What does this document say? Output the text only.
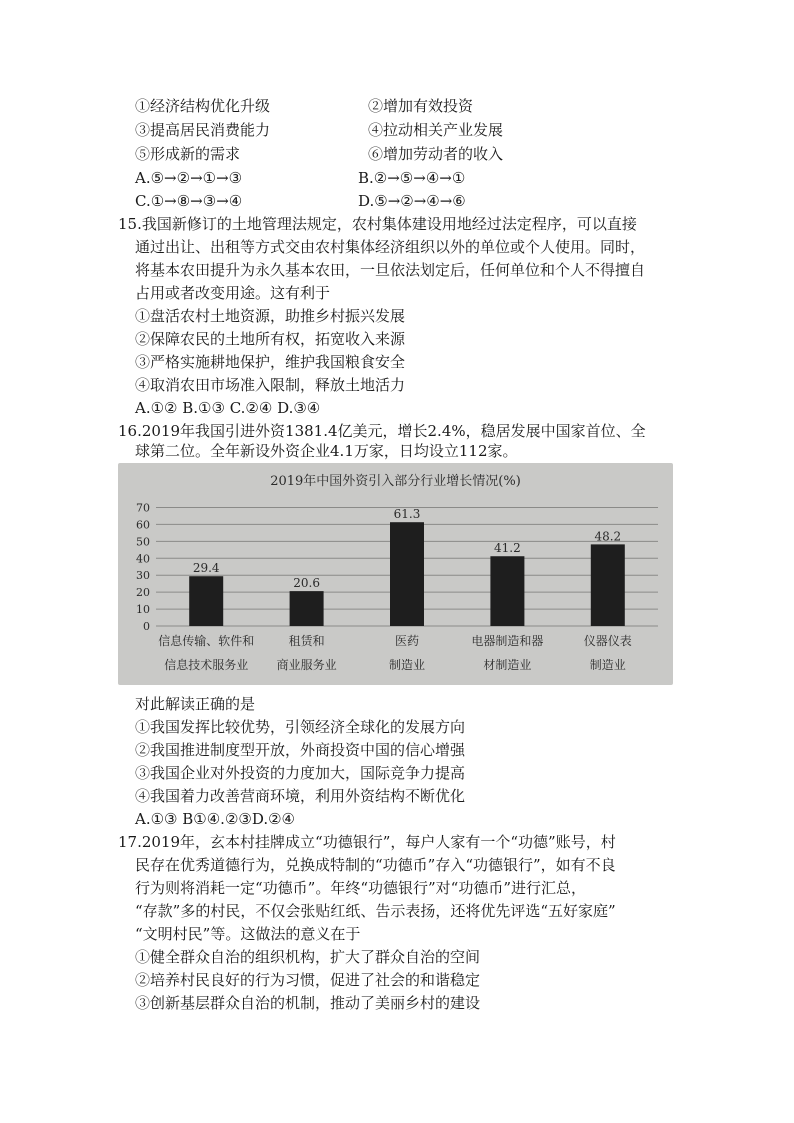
①经济结构优化升级	②增加有效投资
③提高居民消费能力	④拉动相关产业发展
⑤形成新的需求	⑥增加劳动者的收入
A.⑤→②→①→③	B.②→⑤→④→①
C.①→⑧→③→④	D.⑤→②→④→⑥
15.我国新修订的土地管理法规定，农村集体建设用地经过法定程序，可以直接
通过出让、出租等方式交由农村集体经济组织以外的单位或个人使用。同时，
将基本农田提升为永久基本农田，一旦依法划定后，任何单位和个人不得擅自
占用或者改变用途。这有利于
①盘活农村土地资源，助推乡村振兴发展
②保障农民的土地所有权，拓宽收入来源
③严格实施耕地保护，维护我国粮食安全
④取消农田市场准入限制，释放土地活力
A.①② B.①③ C.②④ D.③④
16.2019年我国引进外资1381.4亿美元，增长2.4%，稳居发展中国家首位、全
球第二位。全年新设外资企业4.1万家，日均设立112家。
2019年中国外资引入部分行业增长情况(%)
0
10
20
30
40
50
60
70
29.4
信息传输、软件和
信息技术服务业
20.6
租赁和
商业服务业
61.3
医药
制造业
41.2
电器制造和器
材制造业
48.2
仪器仪表
制造业
对此解读正确的是
①我国发挥比较优势，引领经济全球化的发展方向
②我国推进制度型开放，外商投资中国的信心增强
③我国企业对外投资的力度加大，国际竞争力提高
④我国着力改善营商环境，利用外资结构不断优化
A.①③ B①④.②③D.②④
17.2019年，玄本村挂牌成立“功德银行”，每户人家有一个“功德”账号，村
民存在优秀道德行为，兑换成特制的“功德币”存入“功德银行”，如有不良
行为则将消耗一定“功德币”。年终“功德银行”对“功德币”进行汇总，
“存款”多的村民，不仅会张贴红纸、告示表扬，还将优先评选“五好家庭”
“文明村民”等。这做法的意义在于
①健全群众自治的组织机构，扩大了群众自治的空间
②培养村民良好的行为习惯，促进了社会的和谐稳定
③创新基层群众自治的机制，推动了美丽乡村的建设
